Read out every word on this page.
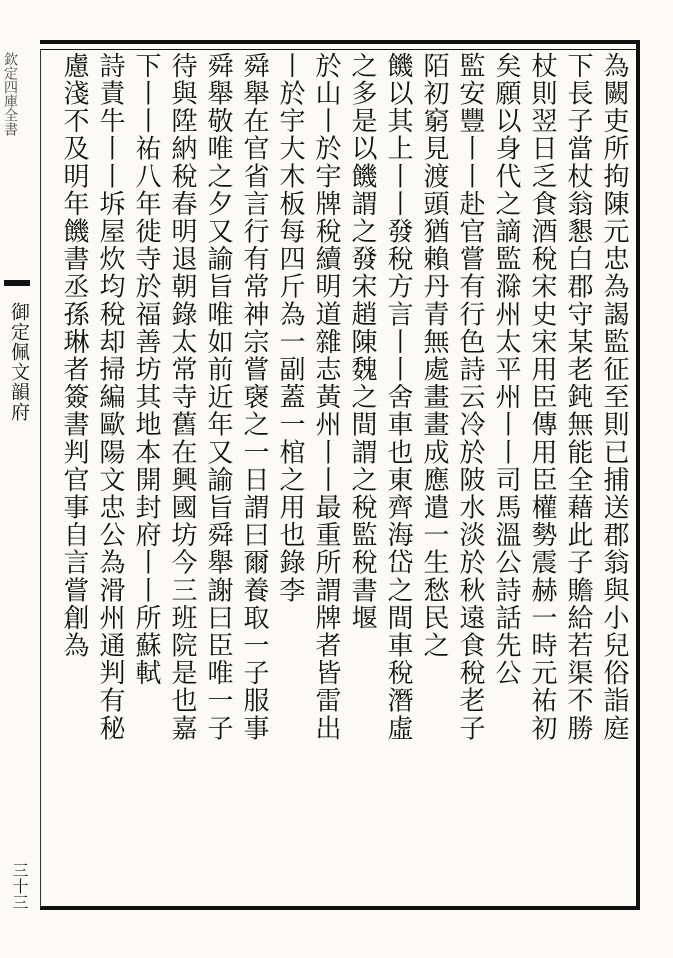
欽定四庫全書
御定佩文韻府
三十三
為闕吏所拘陳元忠為謁監征至則已捕送郡翁與小兒俗詣庭
下長子當杖翁懇白郡守某老鈍無能全藉此子贍給若渠不勝
杖則翌日乏食酒稅宋史宋用臣傳用臣權勢震赫一時元祐初
矣願以身代之謫監滁州太平州丨丨司馬溫公詩話先公
監安豐丨丨赴官嘗有行色詩云冷於陂水淡於秋遠食稅老子
陌初窮見渡頭猶賴丹青無處畫畫成應遣一生愁民之
饑以其上丨丨發稅方言丨丨舍車也東齊海岱之間車稅潛虛
之多是以饑謂之發宋趙陳魏之間謂之稅監稅書堰
於山丨於宇牌稅續明道雜志黃州丨丨最重所謂牌者皆雷出
丨於宇大木板每四斤為一副蓋一棺之用也錄李
舜舉在官省言行有常神宗嘗襃之一日謂曰爾養取一子服事
舜舉敬唯之夕又諭旨唯如前近年又諭旨舜舉謝曰臣唯一子
待與陞納稅春明退朝錄太常寺舊在興國坊今三班院是也嘉
下丨丨祐八年徙寺於福善坊其地本開封府丨丨所蘇軾
詩責牛丨丨坼屋炊均稅却掃編歐陽文忠公為滑州通判有秘
慮淺不及明年饑書丞孫琳者簽書判官事自言嘗創為
